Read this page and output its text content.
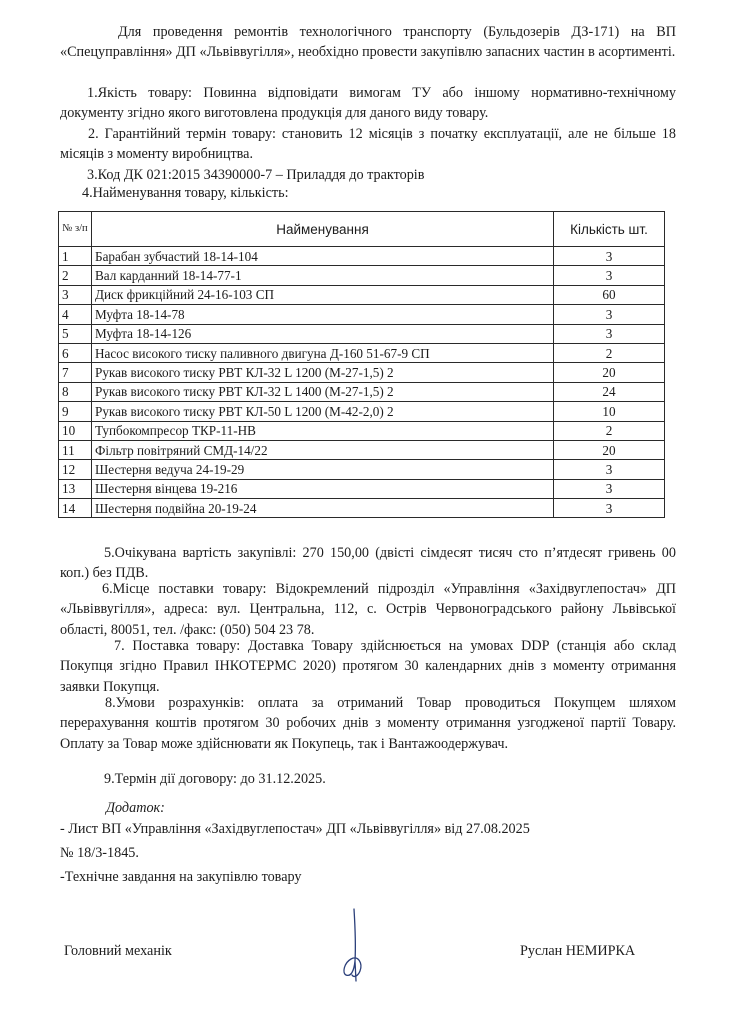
Для проведення ремонтів технологічного транспорту (Бульдозерів ДЗ-171) на ВП «Спецуправління» ДП «Львіввугілля», необхідно провести закупівлю запасних частин в асортименті.
1.Якість товару: Повинна відповідати вимогам ТУ або іншому нормативно-технічному документу згідно якого виготовлена продукція для даного виду товару.
2. Гарантійний термін товару: становить 12 місяців з початку експлуатації, але не більше 18 місяців з моменту виробництва.
3.Код ДК 021:2015 34390000-7 – Приладдя до тракторів
4.Найменування товару, кількість:
№ з/п	Найменування	Кількість шт.
1	Барабан зубчастий 18-14-104	3
2	Вал карданний 18-14-77-1	3
3	Диск фрикційний 24-16-103 СП	60
4	Муфта 18-14-78	3
5	Муфта 18-14-126	3
6	Насос високого тиску паливного двигуна Д-160 51-67-9 СП	2
7	Рукав високого тиску РВТ КЛ-32 L 1200 (М-27-1,5) 2	20
8	Рукав високого тиску РВТ КЛ-32 L 1400 (М-27-1,5) 2	24
9	Рукав високого тиску РВТ КЛ-50 L 1200 (М-42-2,0) 2	10
10	Тупбокомпресор ТКР-11-НВ	2
11	Фільтр повітряний СМД-14/22	20
12	Шестерня ведуча 24-19-29	3
13	Шестерня вінцева 19-216	3
14	Шестерня подвійна 20-19-24	3
5.Очікувана вартість закупівлі: 270 150,00 (двісті сімдесят тисяч сто п’ятдесят гривень 00 коп.) без ПДВ.
6.Місце поставки товару: Відокремлений підрозділ «Управління «Західвуглепостач» ДП «Львіввугілля», адреса: вул. Центральна, 112, с. Острів Червоноградського району Львівської області, 80051, тел. /факс: (050) 504 23 78.
7. Поставка товару: Доставка Товару здійснюється на умовах DDP (станція або склад Покупця згідно Правил ІНКОТЕРМС 2020) протягом 30 календарних днів з моменту отримання заявки Покупця.
8.Умови розрахунків: оплата за отриманий Товар проводиться Покупцем шляхом перерахування коштів протягом 30 робочих днів з моменту отримання узгодженої партії Товару. Оплату за Товар може здійснювати як Покупець, так і Вантажоодержувач.
9.Термін дії договору: до 31.12.2025.
Додаток:
- Лист ВП «Управління «Західвуглепостач» ДП «Львіввугілля» від 27.08.2025
№ 18/3-1845.
-Технічне завдання на закупівлю товару
Головний механік	Руслан НЕМИРКА
